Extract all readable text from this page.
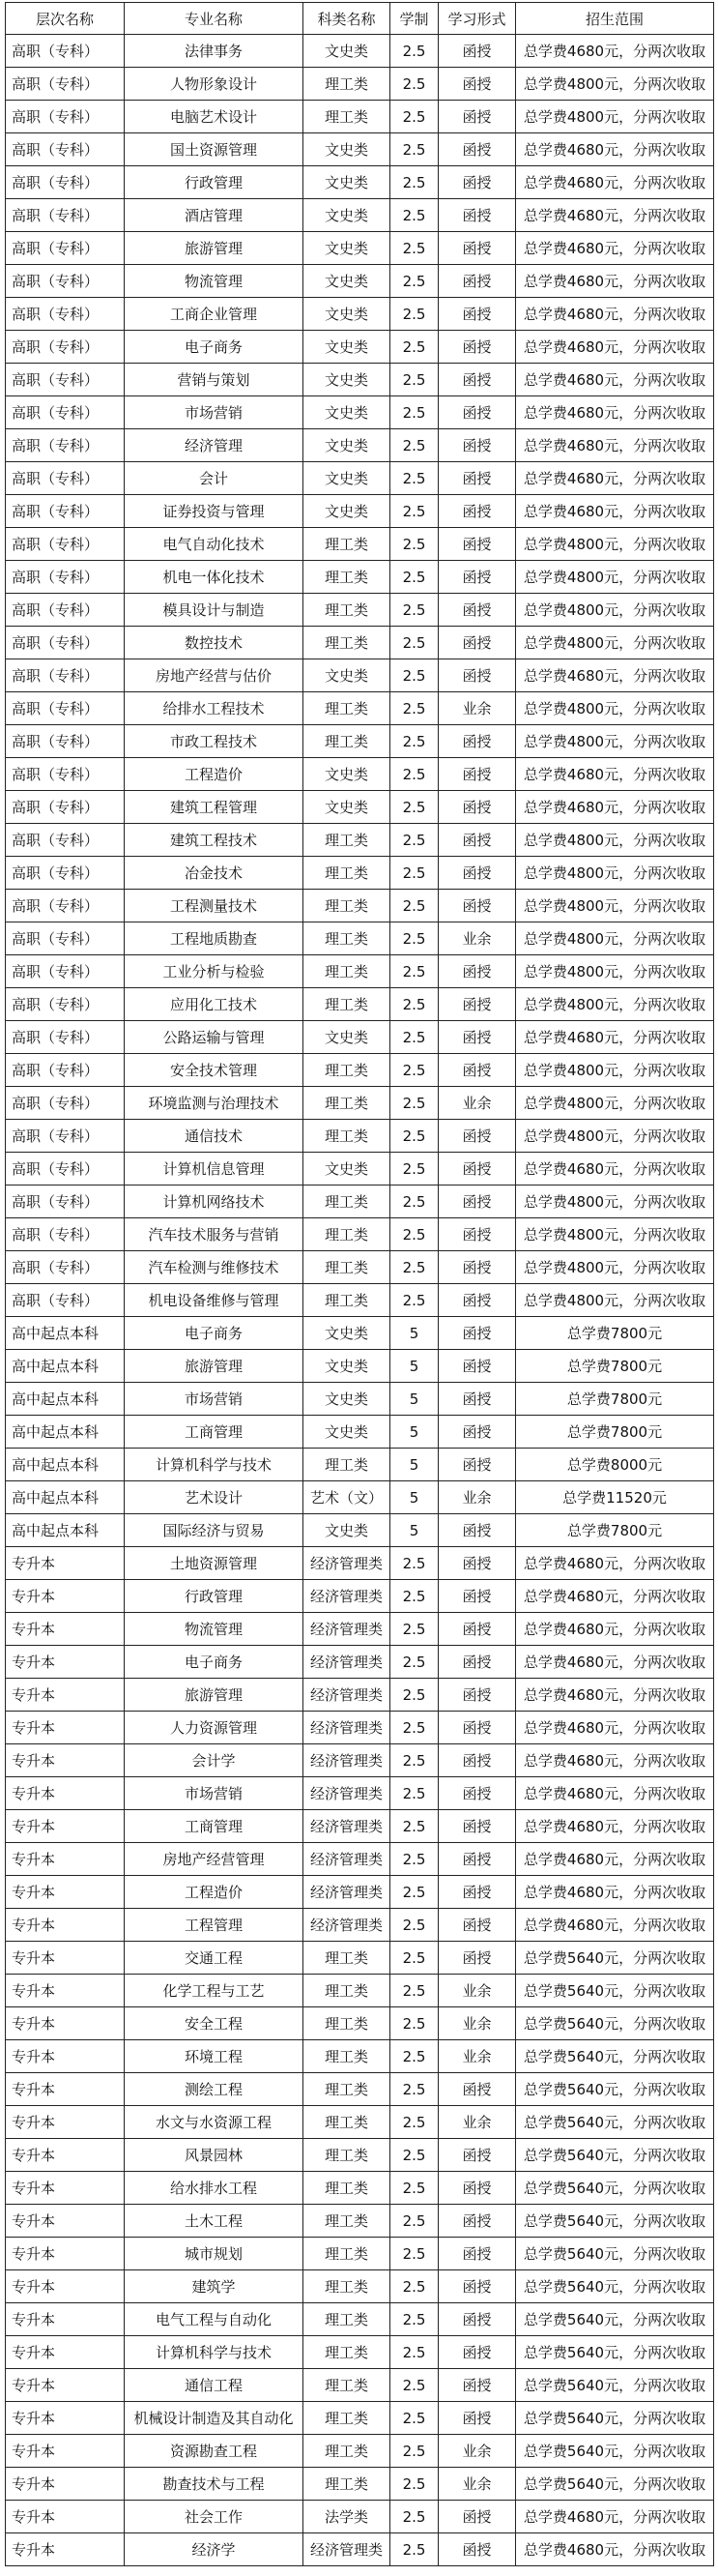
层次名称	专业名称	科类名称	学制	学习形式	招生范围
高职（专科）	法律事务	文史类	2.5	函授	总学费4680元，分两次收取
高职（专科）	人物形象设计	理工类	2.5	函授	总学费4800元，分两次收取
高职（专科）	电脑艺术设计	理工类	2.5	函授	总学费4800元，分两次收取
高职（专科）	国土资源管理	文史类	2.5	函授	总学费4680元，分两次收取
高职（专科）	行政管理	文史类	2.5	函授	总学费4680元，分两次收取
高职（专科）	酒店管理	文史类	2.5	函授	总学费4680元，分两次收取
高职（专科）	旅游管理	文史类	2.5	函授	总学费4680元，分两次收取
高职（专科）	物流管理	文史类	2.5	函授	总学费4680元，分两次收取
高职（专科）	工商企业管理	文史类	2.5	函授	总学费4680元，分两次收取
高职（专科）	电子商务	文史类	2.5	函授	总学费4680元，分两次收取
高职（专科）	营销与策划	文史类	2.5	函授	总学费4680元，分两次收取
高职（专科）	市场营销	文史类	2.5	函授	总学费4680元，分两次收取
高职（专科）	经济管理	文史类	2.5	函授	总学费4680元，分两次收取
高职（专科）	会计	文史类	2.5	函授	总学费4680元，分两次收取
高职（专科）	证券投资与管理	文史类	2.5	函授	总学费4680元，分两次收取
高职（专科）	电气自动化技术	理工类	2.5	函授	总学费4800元，分两次收取
高职（专科）	机电一体化技术	理工类	2.5	函授	总学费4800元，分两次收取
高职（专科）	模具设计与制造	理工类	2.5	函授	总学费4800元，分两次收取
高职（专科）	数控技术	理工类	2.5	函授	总学费4800元，分两次收取
高职（专科）	房地产经营与估价	文史类	2.5	函授	总学费4680元，分两次收取
高职（专科）	给排水工程技术	理工类	2.5	业余	总学费4800元，分两次收取
高职（专科）	市政工程技术	理工类	2.5	函授	总学费4800元，分两次收取
高职（专科）	工程造价	文史类	2.5	函授	总学费4680元，分两次收取
高职（专科）	建筑工程管理	文史类	2.5	函授	总学费4680元，分两次收取
高职（专科）	建筑工程技术	理工类	2.5	函授	总学费4800元，分两次收取
高职（专科）	冶金技术	理工类	2.5	函授	总学费4800元，分两次收取
高职（专科）	工程测量技术	理工类	2.5	函授	总学费4800元，分两次收取
高职（专科）	工程地质勘查	理工类	2.5	业余	总学费4800元，分两次收取
高职（专科）	工业分析与检验	理工类	2.5	函授	总学费4800元，分两次收取
高职（专科）	应用化工技术	理工类	2.5	函授	总学费4800元，分两次收取
高职（专科）	公路运输与管理	文史类	2.5	函授	总学费4680元，分两次收取
高职（专科）	安全技术管理	理工类	2.5	函授	总学费4800元，分两次收取
高职（专科）	环境监测与治理技术	理工类	2.5	业余	总学费4800元，分两次收取
高职（专科）	通信技术	理工类	2.5	函授	总学费4800元，分两次收取
高职（专科）	计算机信息管理	文史类	2.5	函授	总学费4680元，分两次收取
高职（专科）	计算机网络技术	理工类	2.5	函授	总学费4800元，分两次收取
高职（专科）	汽车技术服务与营销	理工类	2.5	函授	总学费4800元，分两次收取
高职（专科）	汽车检测与维修技术	理工类	2.5	函授	总学费4800元，分两次收取
高职（专科）	机电设备维修与管理	理工类	2.5	函授	总学费4800元，分两次收取
高中起点本科	电子商务	文史类	5	函授	总学费7800元
高中起点本科	旅游管理	文史类	5	函授	总学费7800元
高中起点本科	市场营销	文史类	5	函授	总学费7800元
高中起点本科	工商管理	文史类	5	函授	总学费7800元
高中起点本科	计算机科学与技术	理工类	5	函授	总学费8000元
高中起点本科	艺术设计	艺术（文）	5	业余	总学费11520元
高中起点本科	国际经济与贸易	文史类	5	函授	总学费7800元
专升本	土地资源管理	经济管理类	2.5	函授	总学费4680元，分两次收取
专升本	行政管理	经济管理类	2.5	函授	总学费4680元，分两次收取
专升本	物流管理	经济管理类	2.5	函授	总学费4680元，分两次收取
专升本	电子商务	经济管理类	2.5	函授	总学费4680元，分两次收取
专升本	旅游管理	经济管理类	2.5	函授	总学费4680元，分两次收取
专升本	人力资源管理	经济管理类	2.5	函授	总学费4680元，分两次收取
专升本	会计学	经济管理类	2.5	函授	总学费4680元，分两次收取
专升本	市场营销	经济管理类	2.5	函授	总学费4680元，分两次收取
专升本	工商管理	经济管理类	2.5	函授	总学费4680元，分两次收取
专升本	房地产经营管理	经济管理类	2.5	函授	总学费4680元，分两次收取
专升本	工程造价	经济管理类	2.5	函授	总学费4680元，分两次收取
专升本	工程管理	经济管理类	2.5	函授	总学费4680元，分两次收取
专升本	交通工程	理工类	2.5	函授	总学费5640元，分两次收取
专升本	化学工程与工艺	理工类	2.5	业余	总学费5640元，分两次收取
专升本	安全工程	理工类	2.5	业余	总学费5640元，分两次收取
专升本	环境工程	理工类	2.5	业余	总学费5640元，分两次收取
专升本	测绘工程	理工类	2.5	函授	总学费5640元，分两次收取
专升本	水文与水资源工程	理工类	2.5	业余	总学费5640元，分两次收取
专升本	风景园林	理工类	2.5	函授	总学费5640元，分两次收取
专升本	给水排水工程	理工类	2.5	函授	总学费5640元，分两次收取
专升本	土木工程	理工类	2.5	函授	总学费5640元，分两次收取
专升本	城市规划	理工类	2.5	函授	总学费5640元，分两次收取
专升本	建筑学	理工类	2.5	函授	总学费5640元，分两次收取
专升本	电气工程与自动化	理工类	2.5	函授	总学费5640元，分两次收取
专升本	计算机科学与技术	理工类	2.5	函授	总学费5640元，分两次收取
专升本	通信工程	理工类	2.5	函授	总学费5640元，分两次收取
专升本	机械设计制造及其自动化	理工类	2.5	函授	总学费5640元，分两次收取
专升本	资源勘查工程	理工类	2.5	业余	总学费5640元，分两次收取
专升本	勘查技术与工程	理工类	2.5	业余	总学费5640元，分两次收取
专升本	社会工作	法学类	2.5	函授	总学费4680元，分两次收取
专升本	经济学	经济管理类	2.5	函授	总学费4680元，分两次收取
